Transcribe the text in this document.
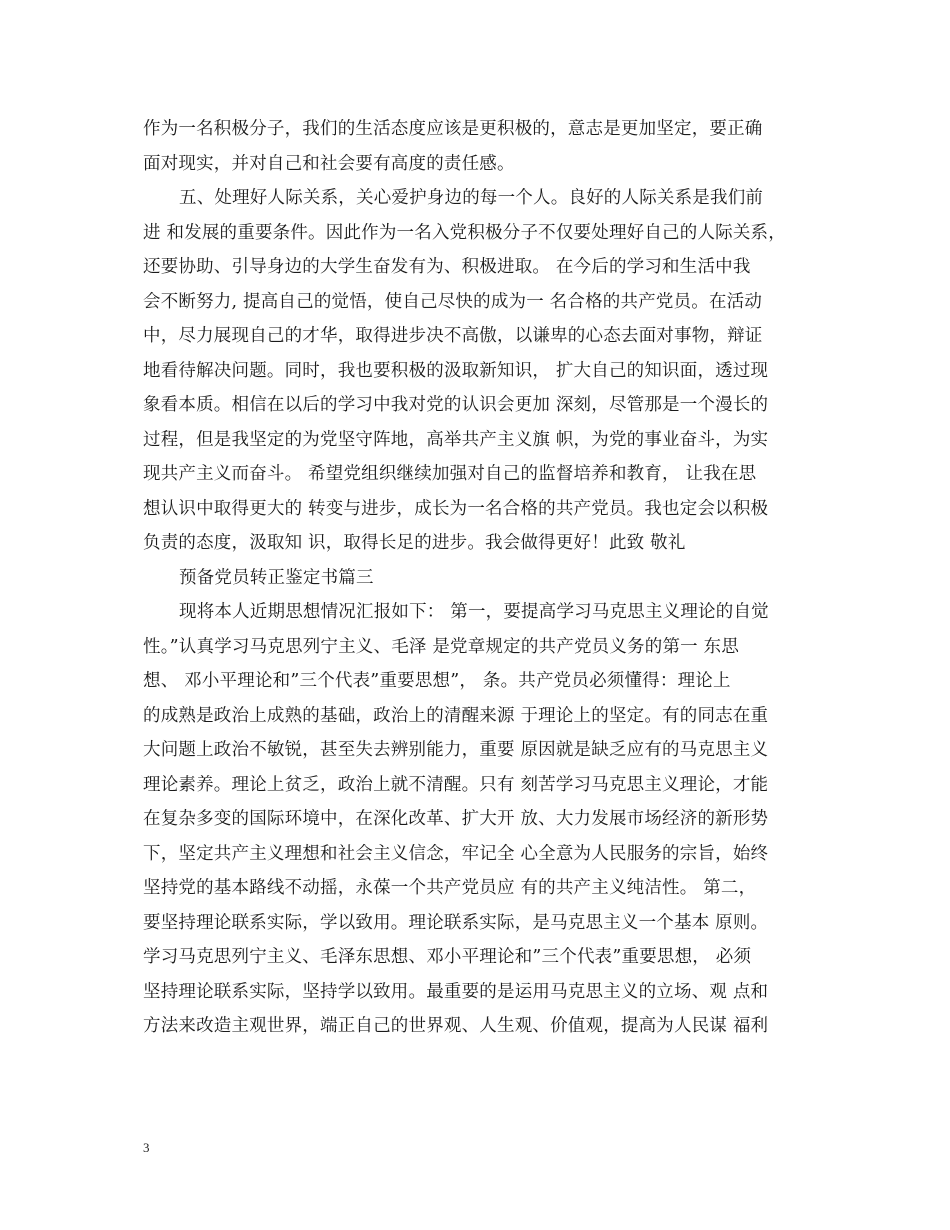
作为一名积极分子，我们的生活态度应该是更积极的，意志是更加坚定，要正确
面对现实，并对自己和社会要有高度的责任感。
五、处理好人际关系，关心爱护身边的每一个人。良好的人际关系是我们前
进 和发展的重要条件。因此作为一名入党积极分子不仅要处理好自己的人际关系，
还要协助、引导身边的大学生奋发有为、积极进取。 在今后的学习和生活中我
会不断努力, 提高自己的觉悟，使自己尽快的成为一 名合格的共产党员。在活动
中，尽力展现自己的才华，取得进步决不高傲，以谦卑的心态去面对事物，辩证
地看待解决问题。同时，我也要积极的汲取新知识， 扩大自己的知识面，透过现
象看本质。相信在以后的学习中我对党的认识会更加 深刻，尽管那是一个漫长的
过程，但是我坚定的为党坚守阵地，高举共产主义旗 帜，为党的事业奋斗，为实
现共产主义而奋斗。 希望党组织继续加强对自己的监督培养和教育， 让我在思
想认识中取得更大的 转变与进步，成长为一名合格的共产党员。我也定会以积极
负责的态度，汲取知 识，取得长足的进步。我会做得更好！此致 敬礼
预备党员转正鉴定书篇三
现将本人近期思想情况汇报如下： 第一，要提高学习马克思主义理论的自觉
性。”认真学习马克思列宁主义、毛泽 是党章规定的共产党员义务的第一 东思
想、 邓小平理论和”三个代表”重要思想”， 条。共产党员必须懂得：理论上
的成熟是政治上成熟的基础，政治上的清醒来源 于理论上的坚定。有的同志在重
大问题上政治不敏锐，甚至失去辨别能力，重要 原因就是缺乏应有的马克思主义
理论素养。理论上贫乏，政治上就不清醒。只有 刻苦学习马克思主义理论，才能
在复杂多变的国际环境中，在深化改革、扩大开 放、大力发展市场经济的新形势
下，坚定共产主义理想和社会主义信念，牢记全 心全意为人民服务的宗旨，始终
坚持党的基本路线不动摇，永葆一个共产党员应 有的共产主义纯洁性。 第二，
要坚持理论联系实际，学以致用。理论联系实际，是马克思主义一个基本 原则。
学习马克思列宁主义、毛泽东思想、邓小平理论和”三个代表”重要思想， 必须
坚持理论联系实际，坚持学以致用。最重要的是运用马克思主义的立场、观 点和
方法来改造主观世界，端正自己的世界观、人生观、价值观，提高为人民谋 福利
3
